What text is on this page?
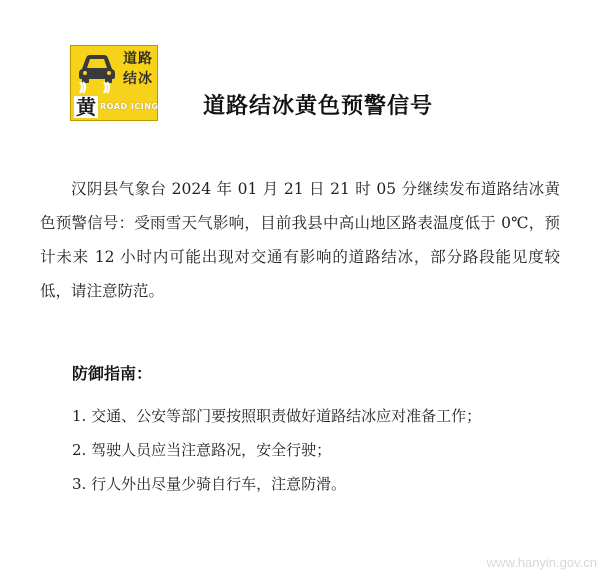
道路
结冰
黄 ROAD ICING 道路结冰黄色预警信号
汉阴县气象台 2024 年 01 月 21 日 21 时 05 分继续发布道路结冰黄色预警信号：受雨雪天气影响，目前我县中高山地区路表温度低于 0℃，预计未来 12 小时内可能出现对交通有影响的道路结冰，部分路段能见度较低，请注意防范。
防御指南：
1. 交通、公安等部门要按照职责做好道路结冰应对准备工作；
2. 驾驶人员应当注意路况，安全行驶；
3. 行人外出尽量少骑自行车，注意防滑。
www.hanyin.gov.cn
